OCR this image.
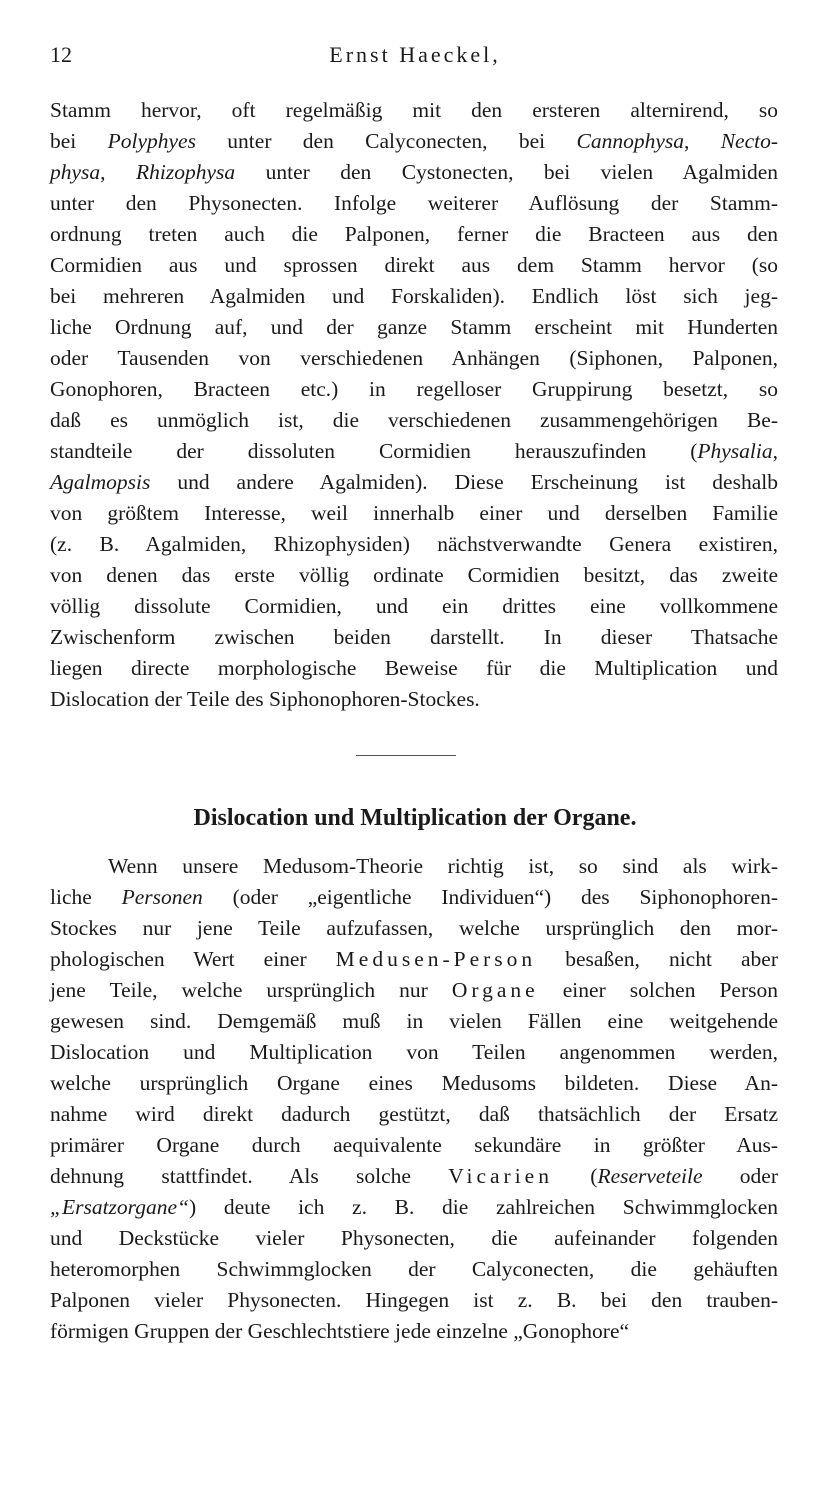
12	Ernst Haeckel,
Stamm hervor, oft regelmäßig mit den ersteren alternirend, so
bei Polyphyes unter den Calyconecten, bei Cannophysa, Necto-
physa, Rhizophysa unter den Cystonecten, bei vielen Agalmiden
unter den Physonecten. Infolge weiterer Auflösung der Stamm-
ordnung treten auch die Palponen, ferner die Bracteen aus den
Cormidien aus und sprossen direkt aus dem Stamm hervor (so
bei mehreren Agalmiden und Forskaliden). Endlich löst sich jeg-
liche Ordnung auf, und der ganze Stamm erscheint mit Hunderten
oder Tausenden von verschiedenen Anhängen (Siphonen, Palponen,
Gonophoren, Bracteen etc.) in regelloser Gruppirung besetzt, so
daß es unmöglich ist, die verschiedenen zusammengehörigen Be-
standteile der dissoluten Cormidien herauszufinden (Physalia,
Agalmopsis und andere Agalmiden). Diese Erscheinung ist deshalb
von größtem Interesse, weil innerhalb einer und derselben Familie
(z. B. Agalmiden, Rhizophysiden) nächstverwandte Genera existiren,
von denen das erste völlig ordinate Cormidien besitzt, das zweite
völlig dissolute Cormidien, und ein drittes eine vollkommene
Zwischenform zwischen beiden darstellt. In dieser Thatsache
liegen directe morphologische Beweise für die Multiplication und
Dislocation der Teile des Siphonophoren-Stockes.
Dislocation und Multiplication der Organe.
Wenn unsere Medusom-Theorie richtig ist, so sind als wirk-
liche Personen (oder „eigentliche Individuen“) des Siphonophoren-
Stockes nur jene Teile aufzufassen, welche ursprünglich den mor-
phologischen Wert einer Medusen-Person besaßen, nicht aber
jene Teile, welche ursprünglich nur Organe einer solchen Person
gewesen sind. Demgemäß muß in vielen Fällen eine weitgehende
Dislocation und Multiplication von Teilen angenommen werden,
welche ursprünglich Organe eines Medusoms bildeten. Diese An-
nahme wird direkt dadurch gestützt, daß thatsächlich der Ersatz
primärer Organe durch aequivalente sekundäre in größter Aus-
dehnung stattfindet. Als solche Vicarien (Reserveteile oder
„Ersatzorgane“) deute ich z. B. die zahlreichen Schwimmglocken
und Deckstücke vieler Physonecten, die aufeinander folgenden
heteromorphen Schwimmglocken der Calyconecten, die gehäuften
Palponen vieler Physonecten. Hingegen ist z. B. bei den trauben-
förmigen Gruppen der Geschlechtstiere jede einzelne „Gonophore“
